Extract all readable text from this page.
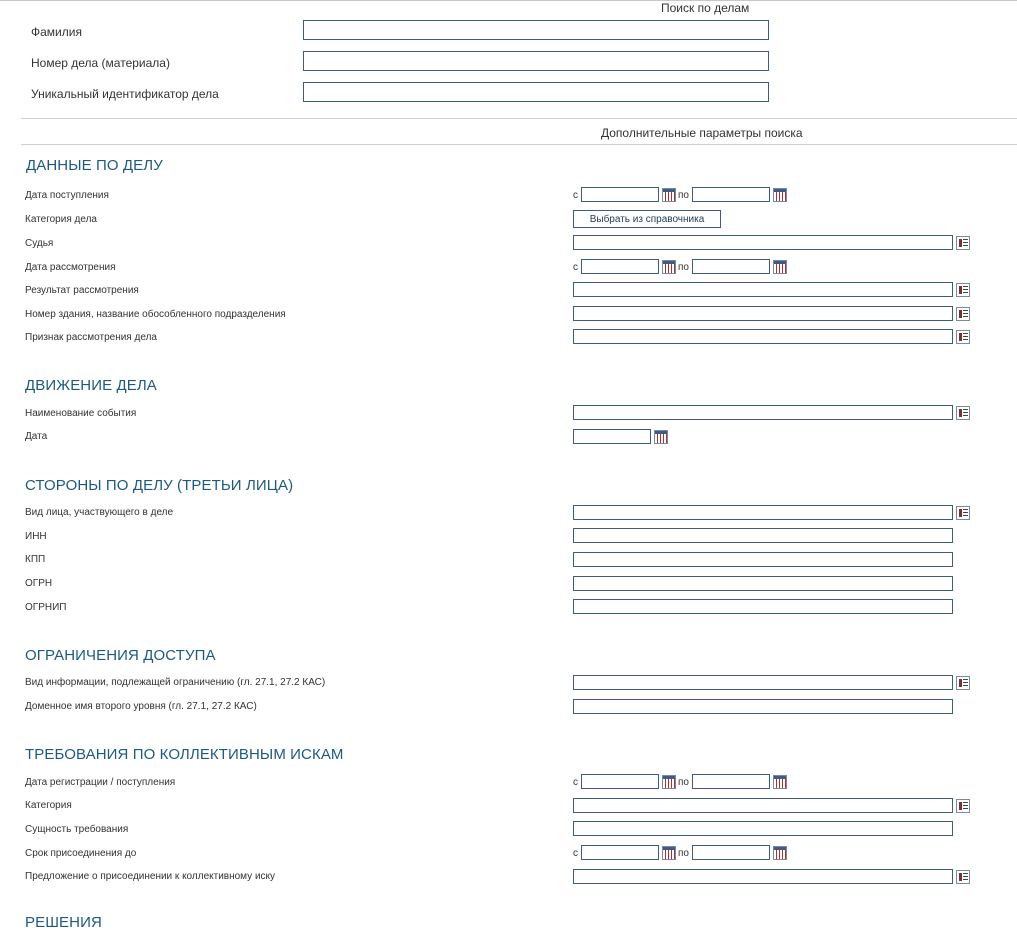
Поиск по делам
Фамилия
Номер дела (материала)
Уникальный идентификатор дела
Дополнительные параметры поиска
ДАННЫЕ ПО ДЕЛУ
Дата поступления	с	по
Категория дела	Выбрать из справочника
Судья
Дата рассмотрения	с	по
Результат рассмотрения
Номер здания, название обособленного подразделения
Признак рассмотрения дела
ДВИЖЕНИЕ ДЕЛА
Наименование события
Дата
СТОРОНЫ ПО ДЕЛУ (ТРЕТЬИ ЛИЦА)
Вид лица, участвующего в деле
ИНН
КПП
ОГРН
ОГРНИП
ОГРАНИЧЕНИЯ ДОСТУПА
Вид информации, подлежащей ограничению (гл. 27.1, 27.2 КАС)
Доменное имя второго уровня (гл. 27.1, 27.2 КАС)
ТРЕБОВАНИЯ ПО КОЛЛЕКТИВНЫМ ИСКАМ
Дата регистрации / поступления	с	по
Категория
Сущность требования
Срок присоединения до	с	по
Предложение о присоединении к коллективному иску
РЕШЕНИЯ
